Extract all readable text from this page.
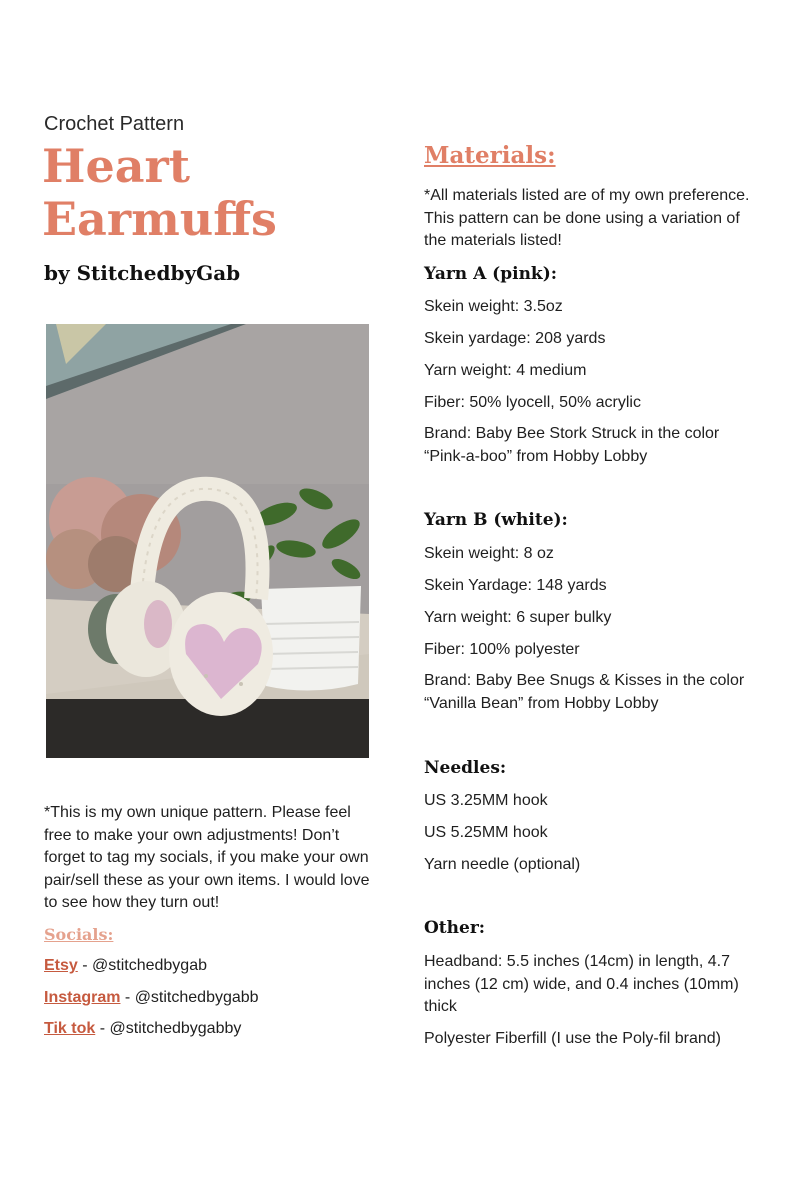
Crochet Pattern
Heart
Earmuffs
by StitchedbyGab
*This is my own unique pattern. Please feel free to make your own adjustments! Don’t forget to tag my socials, if you make your own pair/sell these as your own items. I would love to see how they turn out!
Socials:
Etsy - @stitchedbygab
Instagram - @stitchedbygabb
Tik tok - @stitchedbygabby
Materials:
*All materials listed are of my own preference. This pattern can be done using a variation of the materials listed!
Yarn A (pink):
Skein weight: 3.5oz
Skein yardage: 208 yards
Yarn weight: 4 medium
Fiber: 50% lyocell, 50% acrylic
Brand: Baby Bee Stork Struck in the color “Pink-a-boo” from Hobby Lobby
Yarn B (white):
Skein weight: 8 oz
Skein Yardage: 148 yards
Yarn weight: 6 super bulky
Fiber: 100% polyester
Brand: Baby Bee Snugs & Kisses in the color “Vanilla Bean” from Hobby Lobby
Needles:
US 3.25MM hook
US 5.25MM hook
Yarn needle (optional)
Other:
Headband: 5.5 inches (14cm) in length, 4.7 inches (12 cm) wide, and 0.4 inches (10mm) thick
Polyester Fiberfill (I use the Poly-fil brand)
